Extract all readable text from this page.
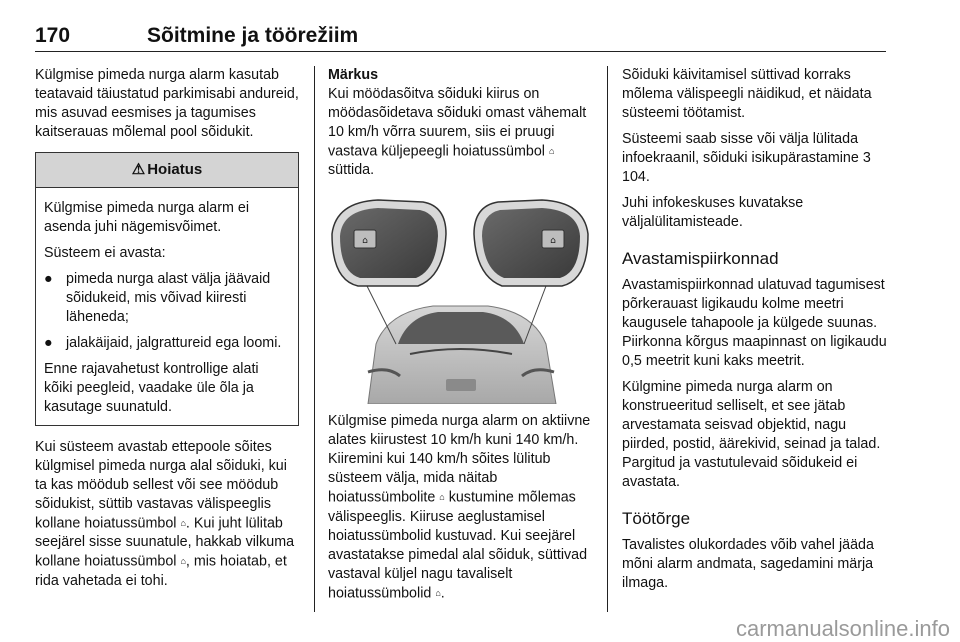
170	Sõitmine ja töörežiim

Külgmise pimeda nurga alarm kasutab teatavaid täiustatud parkimisabi andureid, mis asuvad eesmises ja tagumises kaitserauas mõlemal pool sõidukit.

⚠ Hoiatus

Külgmise pimeda nurga alarm ei asenda juhi nägemisvõimet.

Süsteem ei avasta:

● pimeda nurga alast välja jäävaid sõidukeid, mis võivad kiiresti läheneda;
● jalakäijaid, jalgrattureid ega loomi.

Enne rajavahetust kontrollige alati kõiki peegleid, vaadake üle õla ja kasutage suunatuld.

Kui süsteem avastab ettepoole sõites külgmisel pimeda nurga alal sõiduki, kui ta kas möödub sellest või see möödub sõidukist, süttib vastavas välispeeglis kollane hoiatussümbol ⌂. Kui juht lülitab seejärel sisse suunatule, hakkab vilkuma kollane hoiatussümbol ⌂, mis hoiatab, et rida vahetada ei tohi.

Märkus

Kui möödasõitva sõiduki kiirus on möödasõidetava sõiduki omast vähemalt 10 km/h võrra suurem, siis ei pruugi vastava küljepeegli hoiatussümbol ⌂ süttida.

⌂	⌂

Külgmise pimeda nurga alarm on aktiivne alates kiirustest 10 km/h kuni 140 km/h. Kiiremini kui 140 km/h sõites lülitub süsteem välja, mida näitab hoiatussümbolite ⌂ kustumine mõlemas välispeeglis. Kiiruse aeglustamisel hoiatussümbolid kustuvad. Kui seejärel avastatakse pimedal alal sõiduk, süttivad vastaval küljel nagu tavaliselt hoiatussümbolid ⌂.

Sõiduki käivitamisel süttivad korraks mõlema välispeegli näidikud, et näidata süsteemi töötamist.

Süsteemi saab sisse või välja lülitada infoekraanil, sõiduki isikupärastamine 3 104.

Juhi infokeskuses kuvatakse väljalülitamisteade.

Avastamispiirkonnad

Avastamispiirkonnad ulatuvad tagumisest põrkerauast ligikaudu kolme meetri kaugusele tahapoole ja külgede suunas. Piirkonna kõrgus maapinnast on ligikaudu 0,5 meetrit kuni kaks meetrit.

Külgmine pimeda nurga alarm on konstrueeritud selliselt, et see jätab arvestamata seisvad objektid, nagu piirded, postid, äärekivid, seinad ja talad. Pargitud ja vastutulevaid sõidukeid ei avastata.

Töötõrge

Tavalistes olukordades võib vahel jääda mõni alarm andmata, sagedamini märja ilmaga.

carmanualsonline.info
